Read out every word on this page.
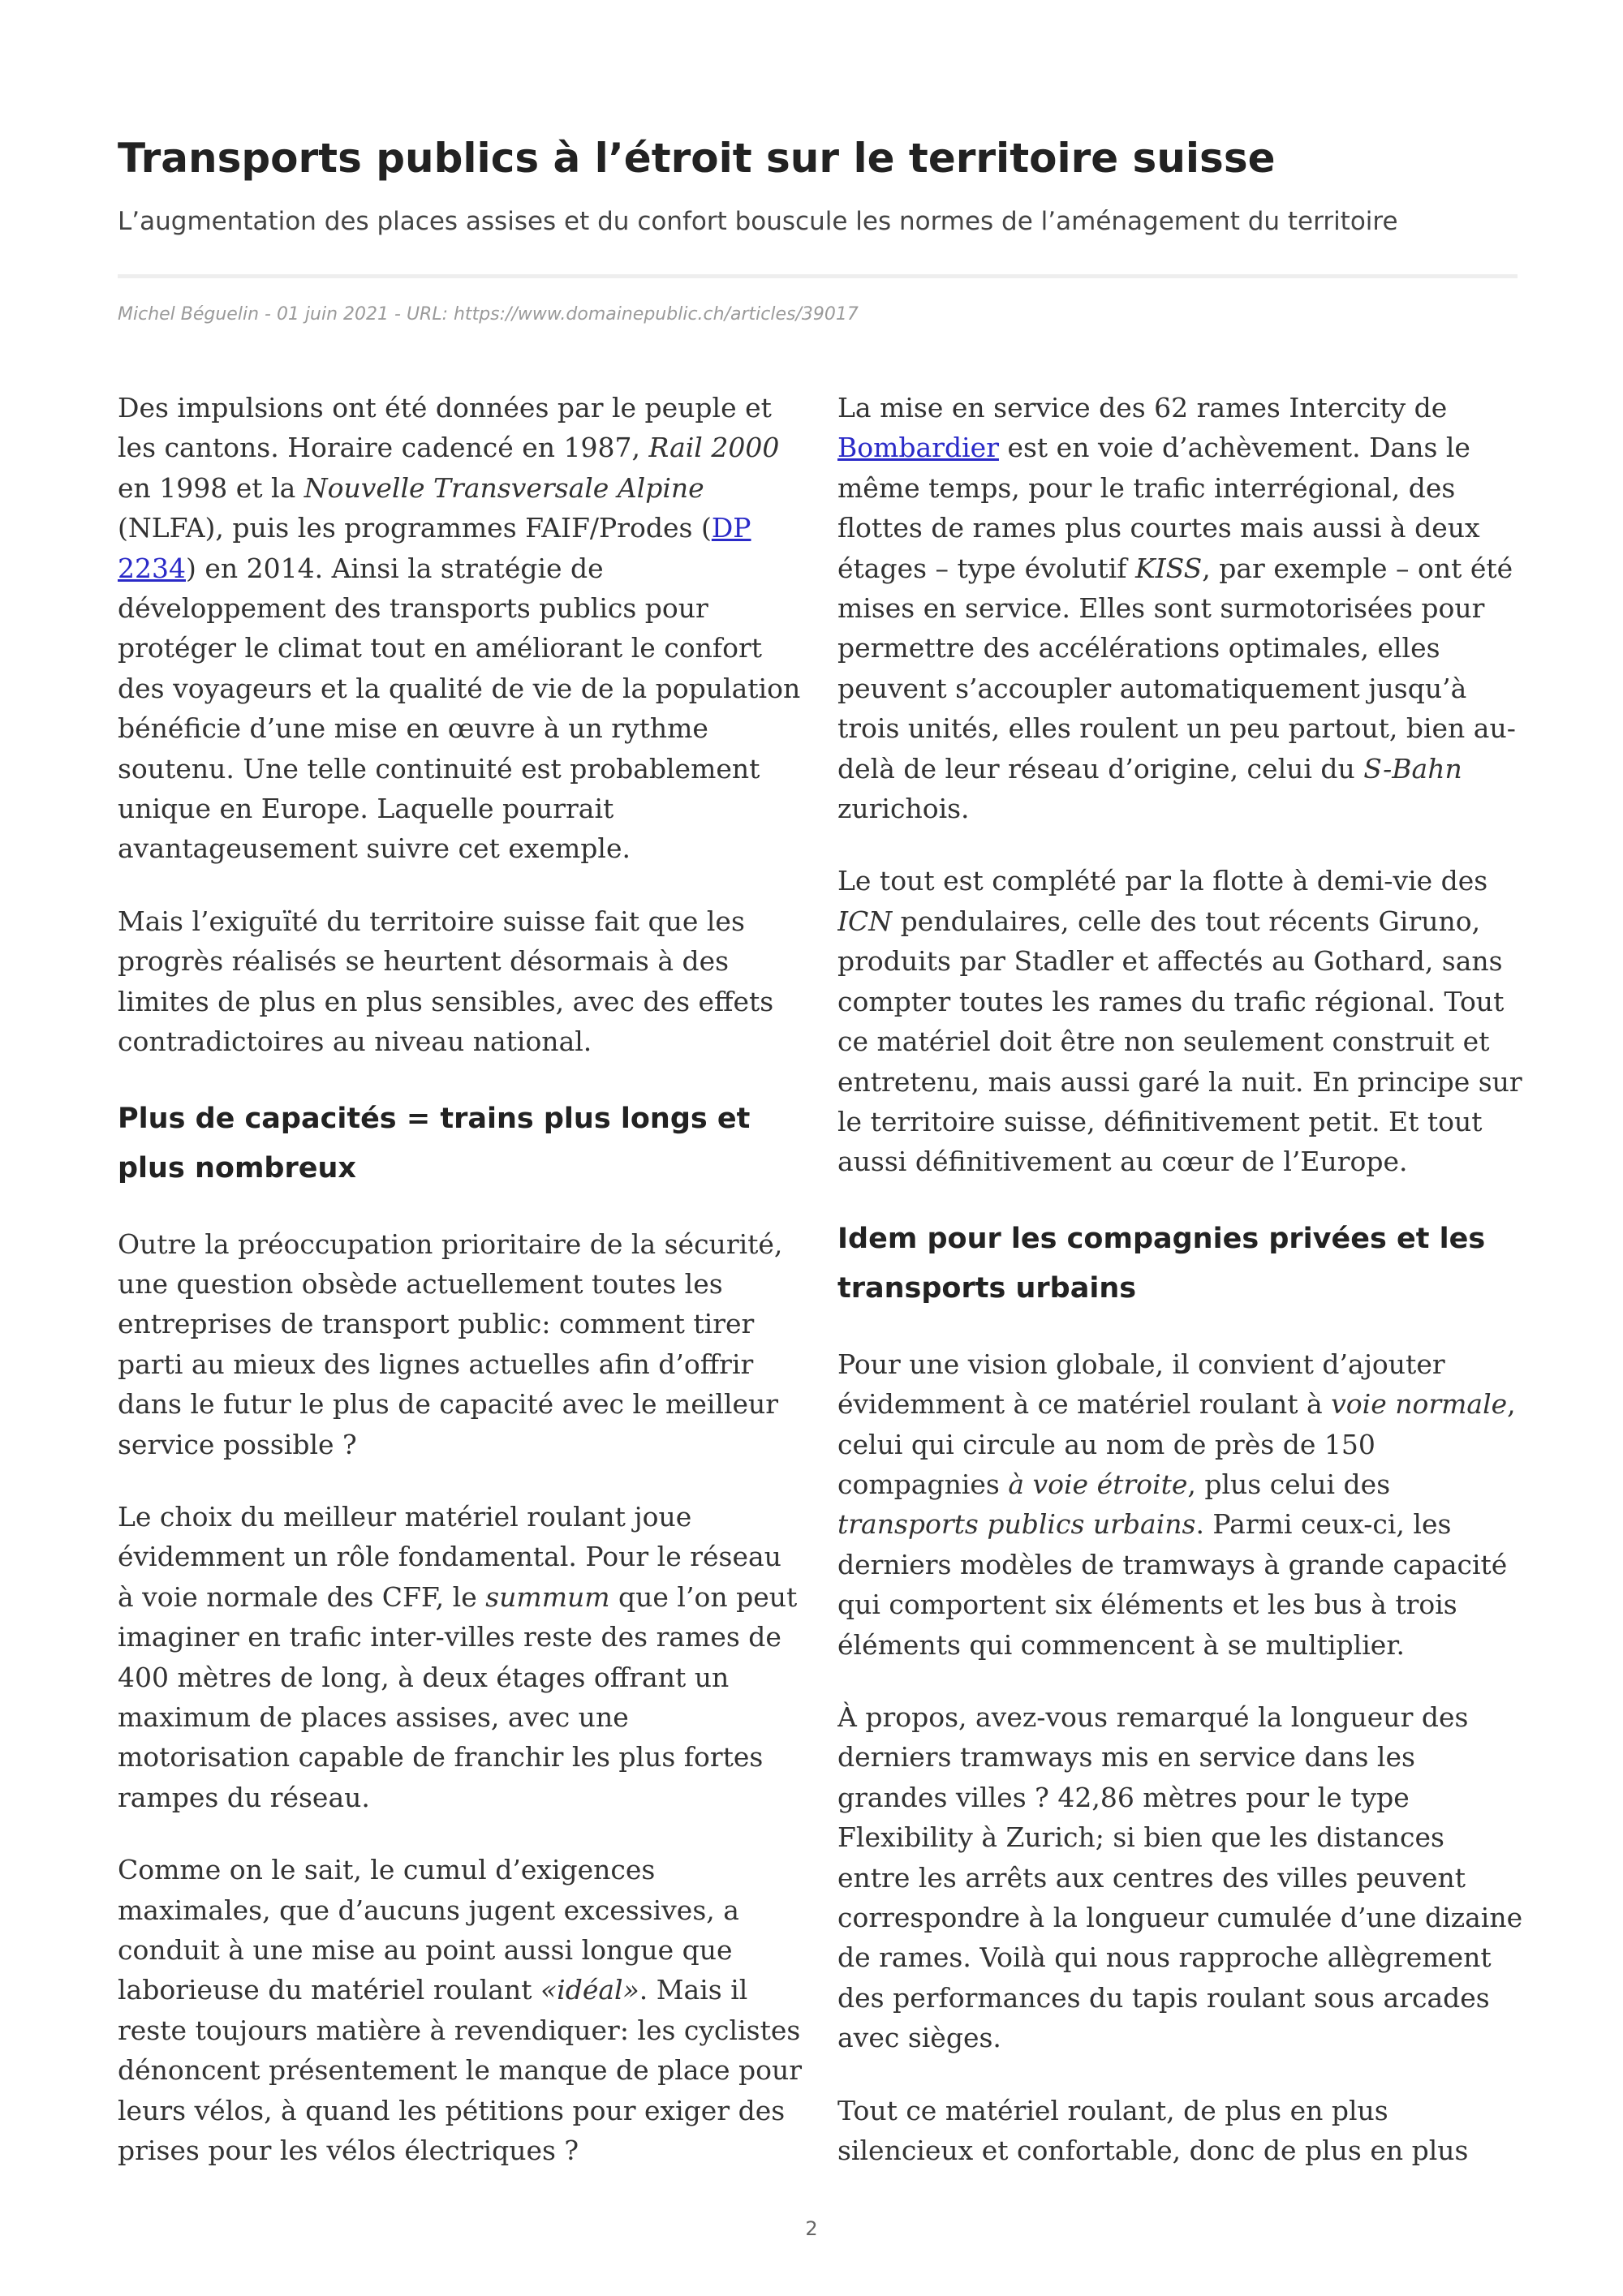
Transports publics à l’étroit sur le territoire suisse
L’augmentation des places assises et du confort bouscule les normes de l’aménagement du territoire
Michel Béguelin - 01 juin 2021 - URL: https://www.domainepublic.ch/articles/39017

Des impulsions ont été données par le peuple et les cantons. Horaire cadencé en 1987, Rail 2000 en 1998 et la Nouvelle Transversale Alpine (NLFA), puis les programmes FAIF/Prodes (DP 2234) en 2014. Ainsi la stratégie de développement des transports publics pour protéger le climat tout en améliorant le confort des voyageurs et la qualité de vie de la population bénéficie d’une mise en œuvre à un rythme soutenu. Une telle continuité est probablement unique en Europe. Laquelle pourrait avantageusement suivre cet exemple.

Mais l’exiguïté du territoire suisse fait que les progrès réalisés se heurtent désormais à des limites de plus en plus sensibles, avec des effets contradictoires au niveau national.

Plus de capacités = trains plus longs et plus nombreux

Outre la préoccupation prioritaire de la sécurité, une question obsède actuellement toutes les entreprises de transport public: comment tirer parti au mieux des lignes actuelles afin d’offrir dans le futur le plus de capacité avec le meilleur service possible ?

Le choix du meilleur matériel roulant joue évidemment un rôle fondamental. Pour le réseau à voie normale des CFF, le summum que l’on peut imaginer en trafic inter-villes reste des rames de 400 mètres de long, à deux étages offrant un maximum de places assises, avec une motorisation capable de franchir les plus fortes rampes du réseau.

Comme on le sait, le cumul d’exigences maximales, que d’aucuns jugent excessives, a conduit à une mise au point aussi longue que laborieuse du matériel roulant «idéal». Mais il reste toujours matière à revendiquer: les cyclistes dénoncent présentement le manque de place pour leurs vélos, à quand les pétitions pour exiger des prises pour les vélos électriques ?

La mise en service des 62 rames Intercity de Bombardier est en voie d’achèvement. Dans le même temps, pour le trafic interrégional, des flottes de rames plus courtes mais aussi à deux étages – type évolutif KISS, par exemple – ont été mises en service. Elles sont surmotorisées pour permettre des accélérations optimales, elles peuvent s’accoupler automatiquement jusqu’à trois unités, elles roulent un peu partout, bien au-delà de leur réseau d’origine, celui du S-Bahn zurichois.

Le tout est complété par la flotte à demi-vie des ICN pendulaires, celle des tout récents Giruno, produits par Stadler et affectés au Gothard, sans compter toutes les rames du trafic régional. Tout ce matériel doit être non seulement construit et entretenu, mais aussi garé la nuit. En principe sur le territoire suisse, définitivement petit. Et tout aussi définitivement au cœur de l’Europe.

Idem pour les compagnies privées et les transports urbains

Pour une vision globale, il convient d’ajouter évidemment à ce matériel roulant à voie normale, celui qui circule au nom de près de 150 compagnies à voie étroite, plus celui des transports publics urbains. Parmi ceux-ci, les derniers modèles de tramways à grande capacité qui comportent six éléments et les bus à trois éléments qui commencent à se multiplier.

À propos, avez-vous remarqué la longueur des derniers tramways mis en service dans les grandes villes ? 42,86 mètres pour le type Flexibility à Zurich; si bien que les distances entre les arrêts aux centres des villes peuvent correspondre à la longueur cumulée d’une dizaine de rames. Voilà qui nous rapproche allègrement des performances du tapis roulant sous arcades avec sièges.

Tout ce matériel roulant, de plus en plus silencieux et confortable, donc de plus en plus

2
